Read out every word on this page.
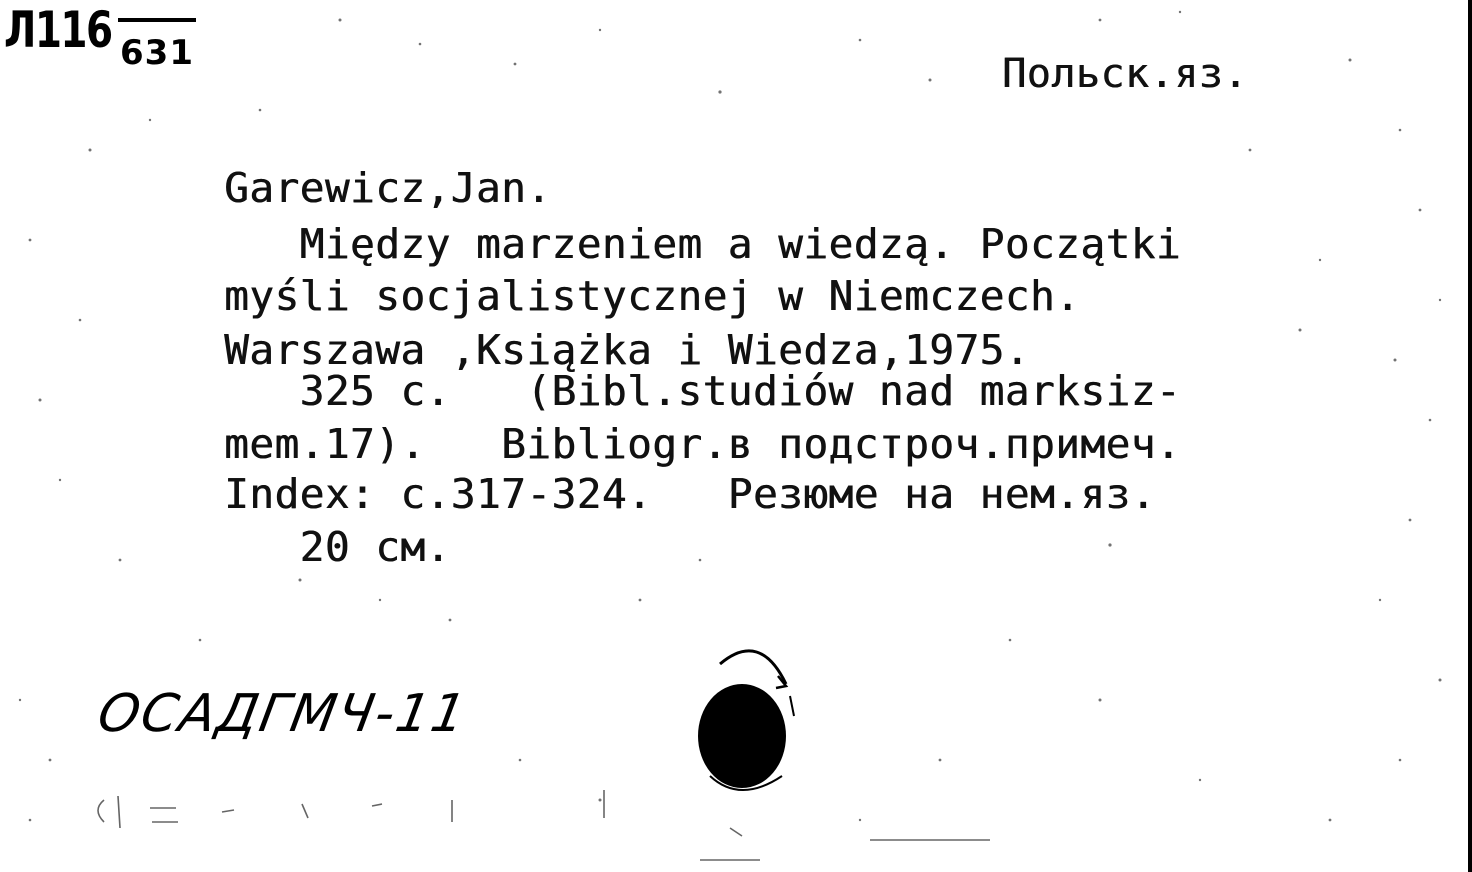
Л116 631	Польск.яз.
Garewicz,Jan.
Między marzeniem a wiedzą. Początki
myśli socjalistycznej w Niemczech.
Warszawa ,Książka i Wiedza,1975.
325 c.   (Bibl.studiów nad marksiz-
mem.17).   Bibliogr.в подстроч.примеч.
Index: c.317-324.   Резюме на нем.яз.
20 см.
ОСАДГМЧ-11
